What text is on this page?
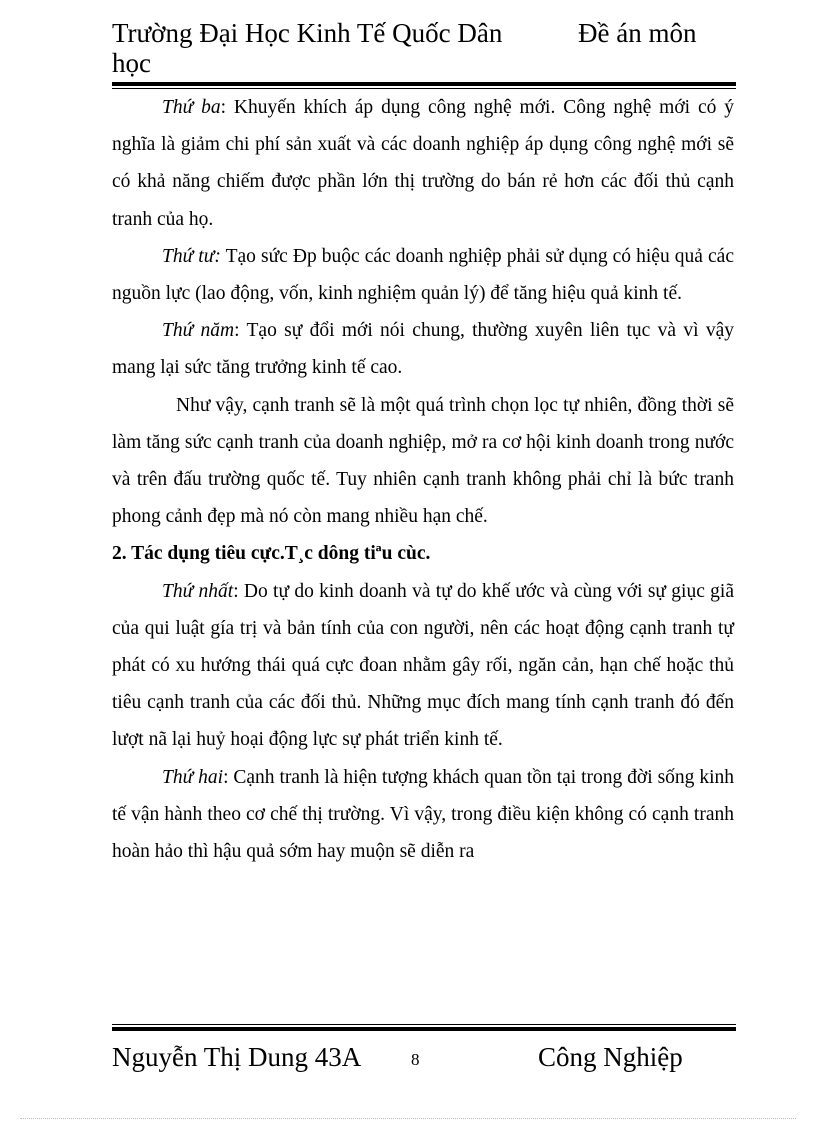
Trường Đại Học Kinh Tế Quốc Dân học
Đề án môn

Thứ ba: Khuyến khích áp dụng công nghệ mới. Công nghệ mới có ý nghĩa là giảm chi phí sản xuất và các doanh nghiệp áp dụng công nghệ mới sẽ có khả năng chiếm được phần lớn thị trường do bán rẻ hơn các đối thủ cạnh tranh của họ.

Thứ tư: Tạo sức Đp buộc các doanh nghiệp phải sử dụng có hiệu quả các nguồn lực (lao động, vốn, kinh nghiệm quản lý) để tăng hiệu quả kinh tế.

Thứ năm: Tạo sự đổi mới nói chung, thường xuyên liên tục và vì vậy mang lại sức tăng trưởng kinh tế cao.

Như vậy, cạnh tranh sẽ là một quá trình chọn lọc tự nhiên, đồng thời sẽ làm tăng sức cạnh tranh của doanh nghiệp, mở ra cơ hội kinh doanh trong nước và trên đấu trường quốc tế. Tuy nhiên cạnh tranh không phải chỉ là bức tranh phong cảnh đẹp mà nó còn mang nhiều hạn chế.

2. Tác dụng tiêu cực.T¸c dông tiªu cùc.

Thứ nhất: Do tự do kinh doanh và tự do khế ước và cùng với sự giục giã của qui luật gía trị và bản tính của con người, nên các hoạt động cạnh tranh tự phát có xu hướng thái quá cực đoan nhằm gây rối, ngăn cản, hạn chế hoặc thủ tiêu cạnh tranh của các đối thủ. Những mục đích mang tính cạnh tranh đó đến lượt nã lại huỷ hoại động lực sự phát triển kinh tế.

Thứ hai: Cạnh tranh là hiện tượng khách quan tồn tại trong đời sống kinh tế vận hành theo cơ chế thị trường. Vì vậy, trong điều kiện không có cạnh tranh hoàn hảo thì hậu quả sớm hay muộn sẽ diễn ra

Nguyễn Thị Dung 43A	8	Công Nghiệp
